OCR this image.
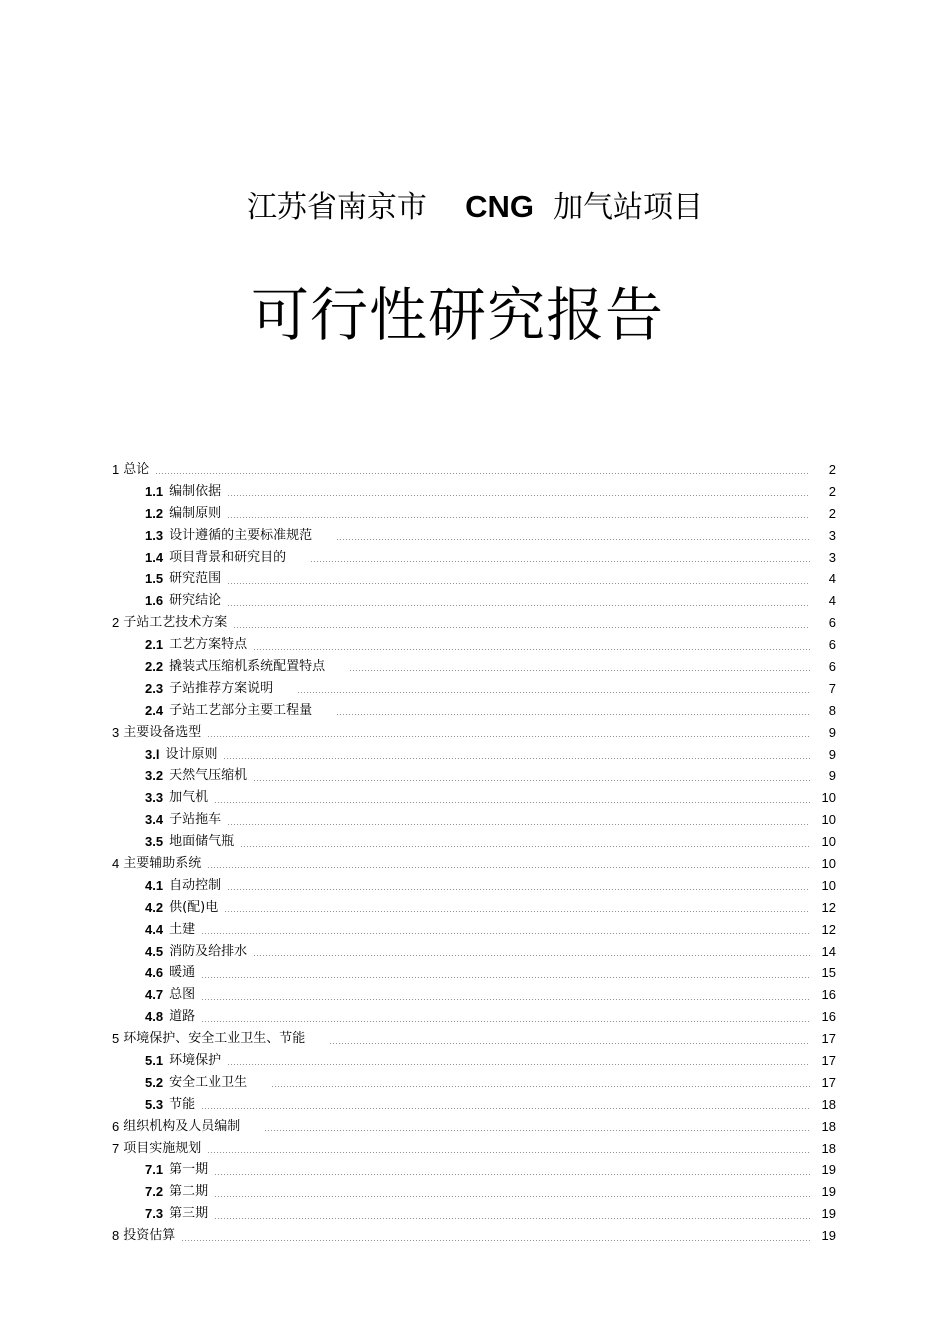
江苏省南京市 CNG 加气站项目
可行性研究报告
1 总论	2
1.1 编制依据	2
1.2 编制原则	2
1.3 设计遵循的主要标准规范	3
1.4 项目背景和研究目的	3
1.5 研究范围	4
1.6 研究结论	4
2 子站工艺技术方案	6
2.1 工艺方案特点	6
2.2 撬装式压缩机系统配置特点	6
2.3 子站推荐方案说明	7
2.4 子站工艺部分主要工程量	8
3 主要设备选型	9
3.l 设计原则	9
3.2 天然气压缩机	9
3.3 加气机	10
3.4 子站拖车	10
3.5 地面储气瓶	10
4 主要辅助系统	10
4.1 自动控制	10
4.2 供(配)电	12
4.4 土建	12
4.5 消防及给排水	14
4.6 暖通	15
4.7 总图	16
4.8 道路	16
5 环境保护、安全工业卫生、节能	17
5.1 环境保护	17
5.2 安全工业卫生	17
5.3 节能	18
6 组织机构及人员编制	18
7 项目实施规划	18
7.1 第一期	19
7.2 第二期	19
7.3 第三期	19
8 投资估算	19
